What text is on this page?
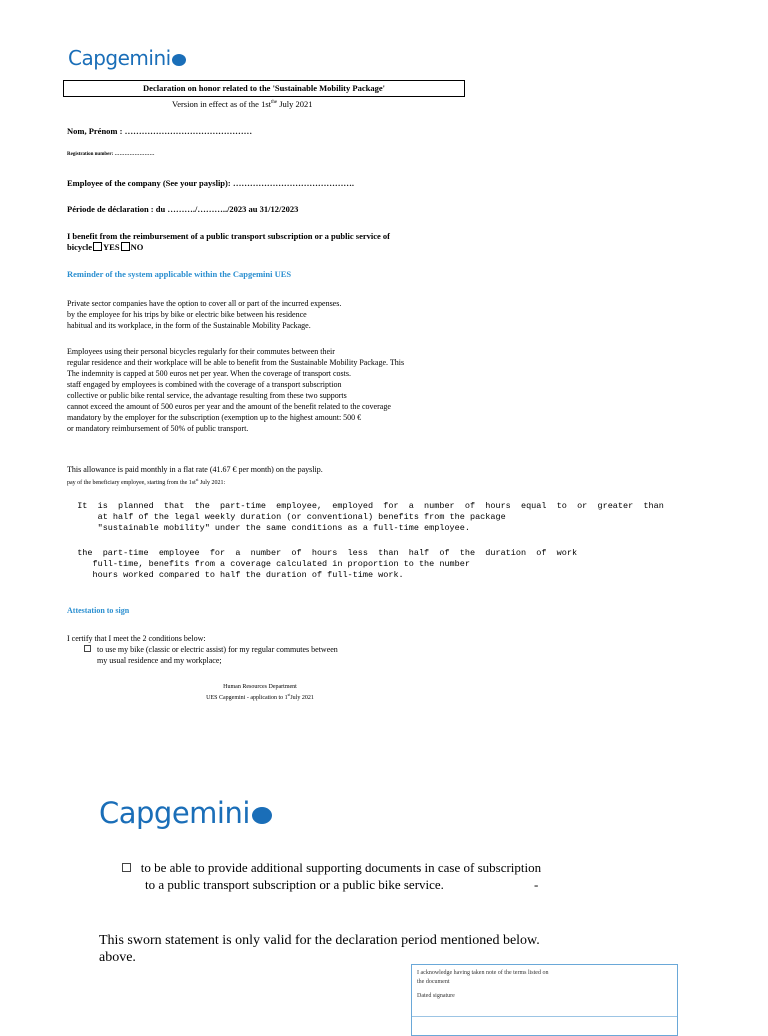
Capgemini
Declaration on honor related to the 'Sustainable Mobility Package'
Version in effect as of the $1st^{the}$ July 2021
Nom, Prénom : ………………………………………
Registration number: ……………………
Employee of the company (See your payslip): …………………………………….
Période de déclaration : du ………./………../2023 au 31/12/2023
I benefit from the reimbursement of a public transport subscription or a public service of
bicycle YES NO
Reminder of the system applicable within the Capgemini UES
Private sector companies have the option to cover all or part of the incurred expenses.
by the employee for his trips by bike or electric bike between his residence
habitual and its workplace, in the form of the Sustainable Mobility Package.
Employees using their personal bicycles regularly for their commutes between their
regular residence and their workplace will be able to benefit from the Sustainable Mobility Package. This
The indemnity is capped at 500 euros net per year. When the coverage of transport costs.
staff engaged by employees is combined with the coverage of a transport subscription
collective or public bike rental service, the advantage resulting from these two supports
cannot exceed the amount of 500 euros per year and the amount of the benefit related to the coverage
mandatory by the employer for the subscription (exemption up to the highest amount: 500 €
or mandatory reimbursement of 50% of public transport.
This allowance is paid monthly in a flat rate (41.67 € per month) on the payslip.
pay of the beneficiary employee, starting from the $1st^{st}$ July 2021:
It  is  planned  that  the  part-time  employee,  employed  for  a  number  of  hours  equal  to  or  greater  than
at half of the legal weekly duration (or conventional) benefits from the package
"sustainable mobility" under the same conditions as a full-time employee.
the  part-time  employee  for  a  number  of  hours  less  than  half  of  the  duration  of  work
full-time, benefits from a coverage calculated in proportion to the number
hours worked compared to half the duration of full-time work.
Attestation to sign
I certify that I meet the 2 conditions below:
to use my bike (classic or electric assist) for my regular commutes between
my usual residence and my workplace;
Human Resources Department
UES Capgemini - application to 1stJuly 2021
Capgemini
to be able to provide additional supporting documents in case of subscription
to a public transport subscription or a public bike service.	-
This sworn statement is only valid for the declaration period mentioned below.
above.
I acknowledge having taken note of the terms listed on
the document
Dated signature
